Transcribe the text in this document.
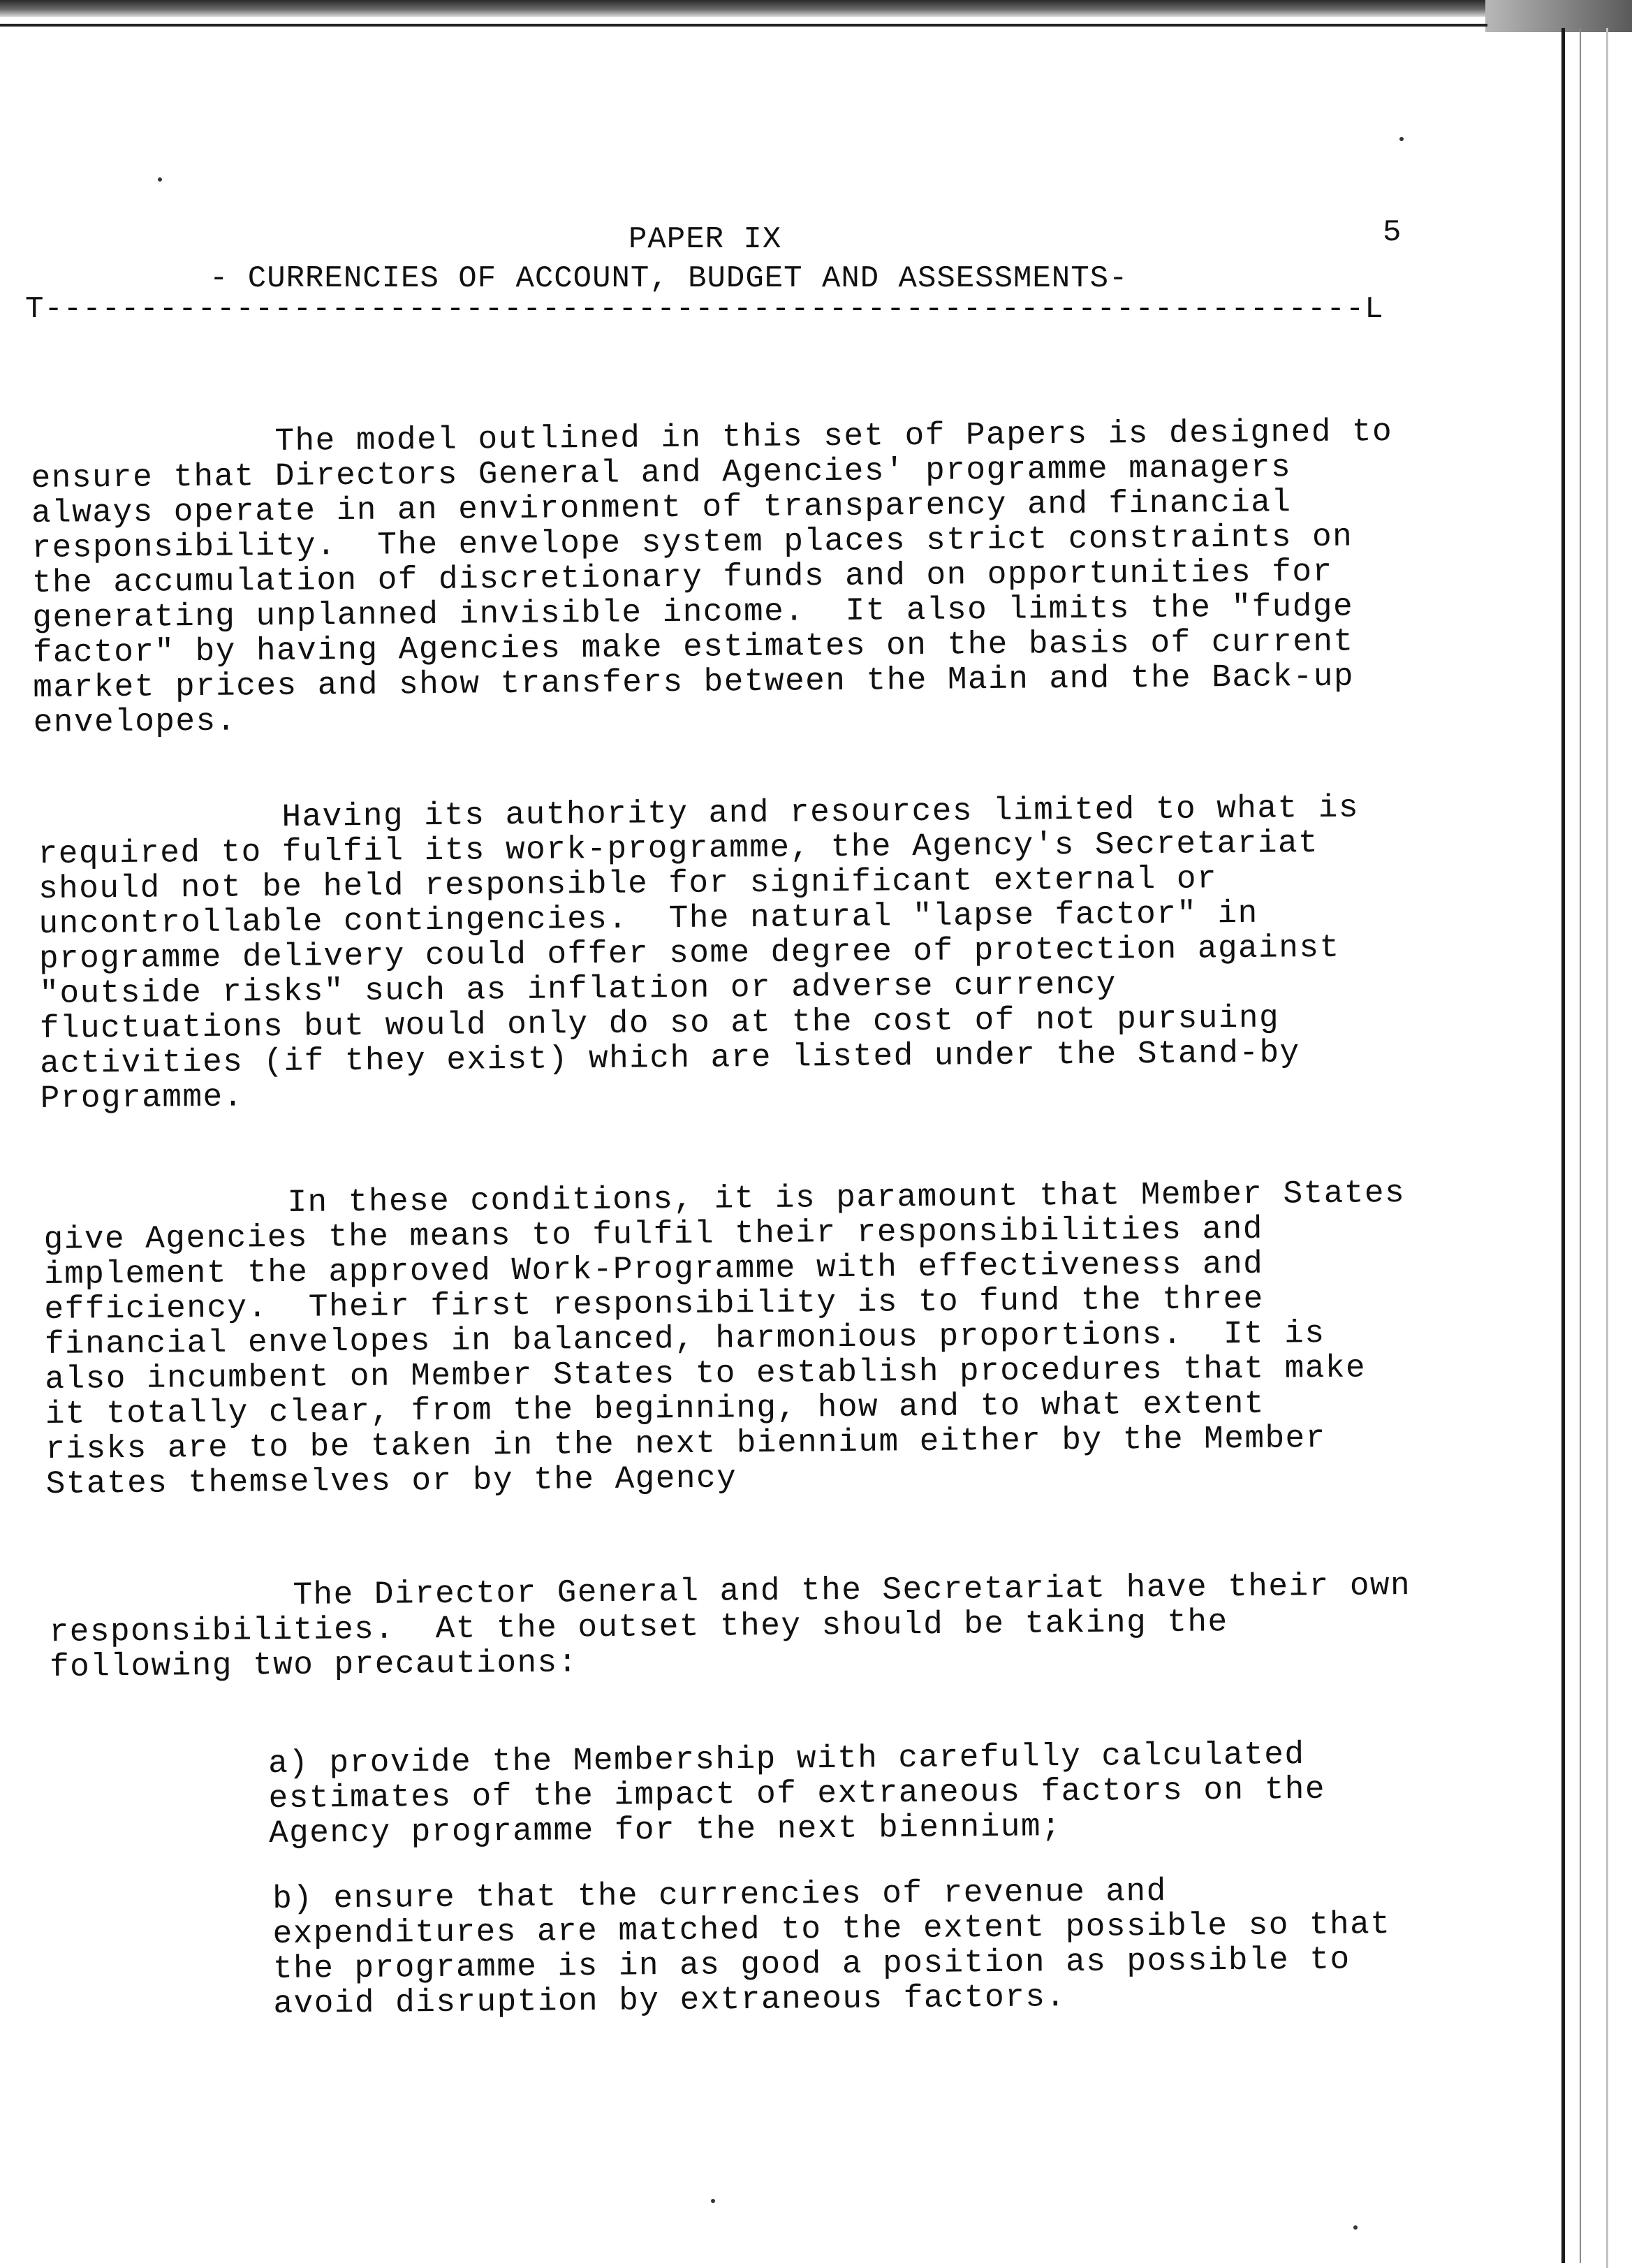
PAPER IX	5
- CURRENCIES OF ACCOUNT, BUDGET AND ASSESSMENTS-
T---------------------------------------------------------------------L
The model outlined in this set of Papers is designed to
ensure that Directors General and Agencies' programme managers
always operate in an environment of transparency and financial
responsibility.  The envelope system places strict constraints on
the accumulation of discretionary funds and on opportunities for
generating unplanned invisible income.  It also limits the "fudge
factor" by having Agencies make estimates on the basis of current
market prices and show transfers between the Main and the Back-up
envelopes.
Having its authority and resources limited to what is
required to fulfil its work-programme, the Agency's Secretariat
should not be held responsible for significant external or
uncontrollable contingencies.  The natural "lapse factor" in
programme delivery could offer some degree of protection against
"outside risks" such as inflation or adverse currency
fluctuations but would only do so at the cost of not pursuing
activities (if they exist) which are listed under the Stand-by
Programme.
In these conditions, it is paramount that Member States
give Agencies the means to fulfil their responsibilities and
implement the approved Work-Programme with effectiveness and
efficiency.  Their first responsibility is to fund the three
financial envelopes in balanced, harmonious proportions.  It is
also incumbent on Member States to establish procedures that make
it totally clear, from the beginning, how and to what extent
risks are to be taken in the next biennium either by the Member
States themselves or by the Agency
The Director General and the Secretariat have their own
responsibilities.  At the outset they should be taking the
following two precautions:
a) provide the Membership with carefully calculated
estimates of the impact of extraneous factors on the
Agency programme for the next biennium;
b) ensure that the currencies of revenue and
expenditures are matched to the extent possible so that
the programme is in as good a position as possible to
avoid disruption by extraneous factors.
